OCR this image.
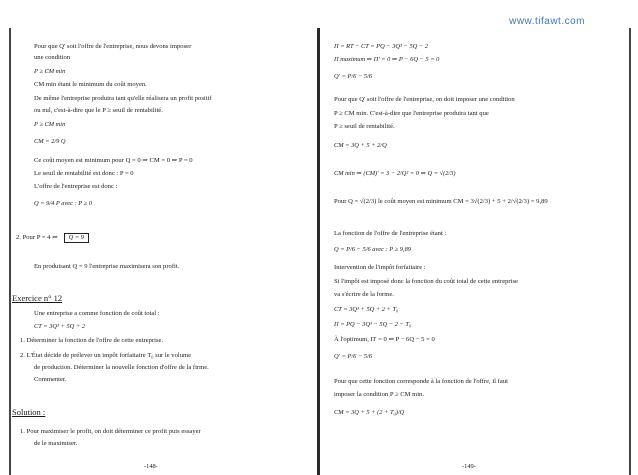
www.tifawt.com
Pour que Q' soit l'offre de l'entreprise, nous devons imposer
une condition
P ≥ CM min
CM min étant le minimum du coût moyen.
De même l'entreprise produira tant qu'elle réalisera un profit positif
ou nul, c'est-à-dire que le P ≥ seuil de rentabilité.
P ≥ CM min
CM = 2/9 Q
Ce coût moyen est minimum pour Q = 0 ⇒ CM = 0 ⇒ P = 0
Le seuil de rentabilité est donc : P = 0
L'offre de l'entreprise est donc :
Q = 9/4 P avec : P ≥ 0
2. Pour P = 4 ⇒ Q = 9
En produisant Q = 9 l'entreprise maximisera son profit.
Exercice n° 12
Une entreprise a comme fonction de coût total :
CT = 3Q³ + 5Q + 2
1. Déterminer la fonction de l'offre de cette entreprise.
2. L'État décide de prélever un impôt forfaitaire T₀ sur le volume
de production. Déterminer la nouvelle fonction d'offre de la firme.
Commenter.
Solution :
1. Pour maximiser le profit, on doit déterminer ce profit puis essayer
de le maximiser.
-148-
Π = RT − CT = PQ − 3Q³ − 5Q − 2
Π maximum ⇒ Π' = 0 ⇒ P − 6Q − 5 = 0
Q' = P/6 − 5/6
Pour que Q' soit l'offre de l'entreprise, on doit imposer une condition
P ≥ CM min. C'est-à-dire que l'entreprise produira tant que
P ≥ seuil de rentabilité.
CM = 3Q + 5 + 2/Q
CM min ⇒ (CM)' = 3 − 2/Q² = 0 ⇒ Q = √(2/3)
Pour Q = √(2/3) le coût moyen est minimum CM = 3√(2/3) + 5 + 2/√(2/3) = 9,89
La fonction de l'offre de l'entreprise étant :
Q = P/6 − 5/6 avec : P ≥ 9,89
Intervention de l'impôt forfaitaire :
Si l'impôt est imposé donc la fonction du coût total de cette entreprise
va s'écrire de la forme.
CT = 3Q³ + 5Q + 2 + T₀
Π = PQ − 3Q³ − 5Q − 2 − T₀
À l'optimum, Π' = 0 ⇒ P − 6Q − 5 = 0
Q' = P/6 − 5/6
Pour que cette fonction corresponde à la fonction de l'offre, il faut
imposer la condition P ≥ CM min.
CM = 3Q + 5 + (2 + T₀)/Q
-149-
